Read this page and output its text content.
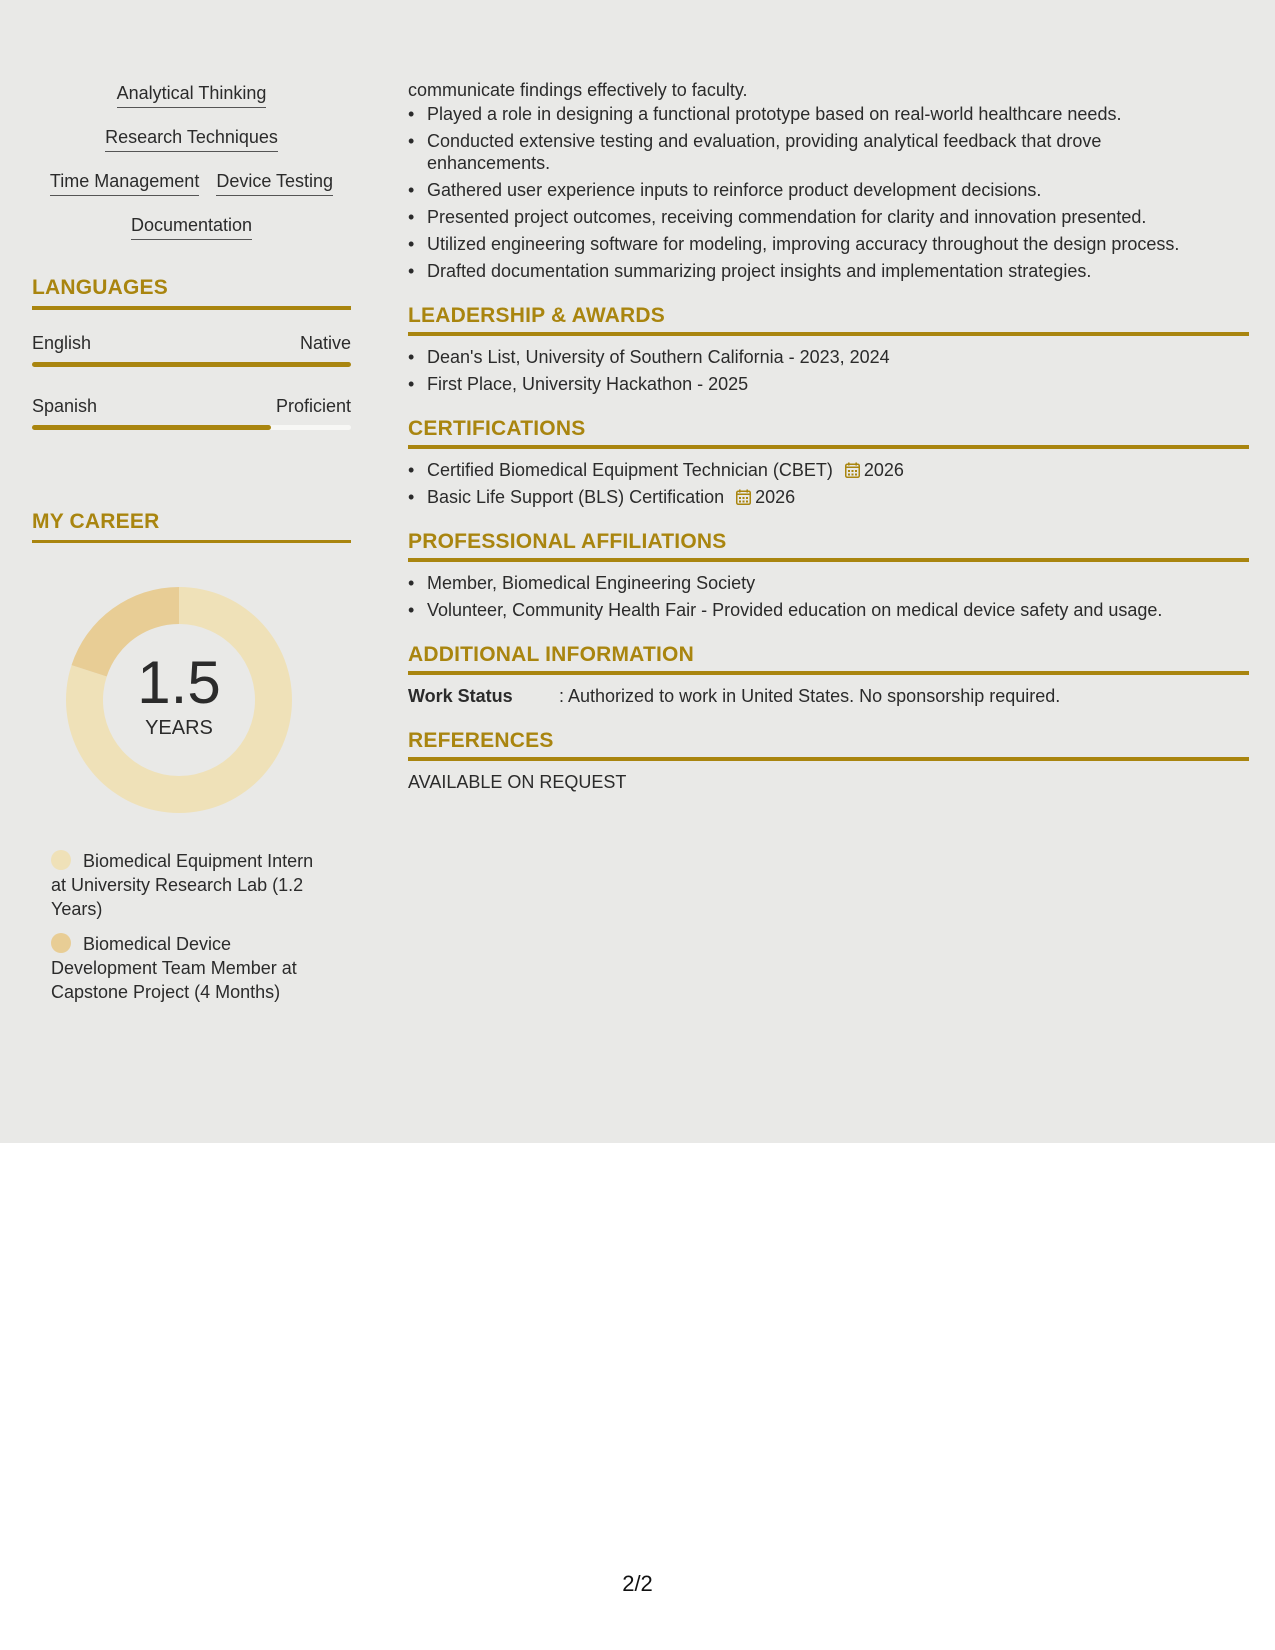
Analytical Thinking
Research Techniques
Time Management Device Testing
Documentation
LANGUAGES
English	Native
Spanish	Proficient
MY CAREER
1.5
YEARS
Biomedical Equipment Intern at University Research Lab (1.2 Years)
Biomedical Device Development Team Member at Capstone Project (4 Months)
communicate findings effectively to faculty.
• Played a role in designing a functional prototype based on real-world healthcare needs.
• Conducted extensive testing and evaluation, providing analytical feedback that drove enhancements.
• Gathered user experience inputs to reinforce product development decisions.
• Presented project outcomes, receiving commendation for clarity and innovation presented.
• Utilized engineering software for modeling, improving accuracy throughout the design process.
• Drafted documentation summarizing project insights and implementation strategies.
LEADERSHIP & AWARDS
• Dean's List, University of Southern California - 2023, 2024
• First Place, University Hackathon - 2025
CERTIFICATIONS
• Certified Biomedical Equipment Technician (CBET) 2026
• Basic Life Support (BLS) Certification 2026
PROFESSIONAL AFFILIATIONS
• Member, Biomedical Engineering Society
• Volunteer, Community Health Fair - Provided education on medical device safety and usage.
ADDITIONAL INFORMATION
Work Status	: Authorized to work in United States. No sponsorship required.
REFERENCES
AVAILABLE ON REQUEST
2/2
